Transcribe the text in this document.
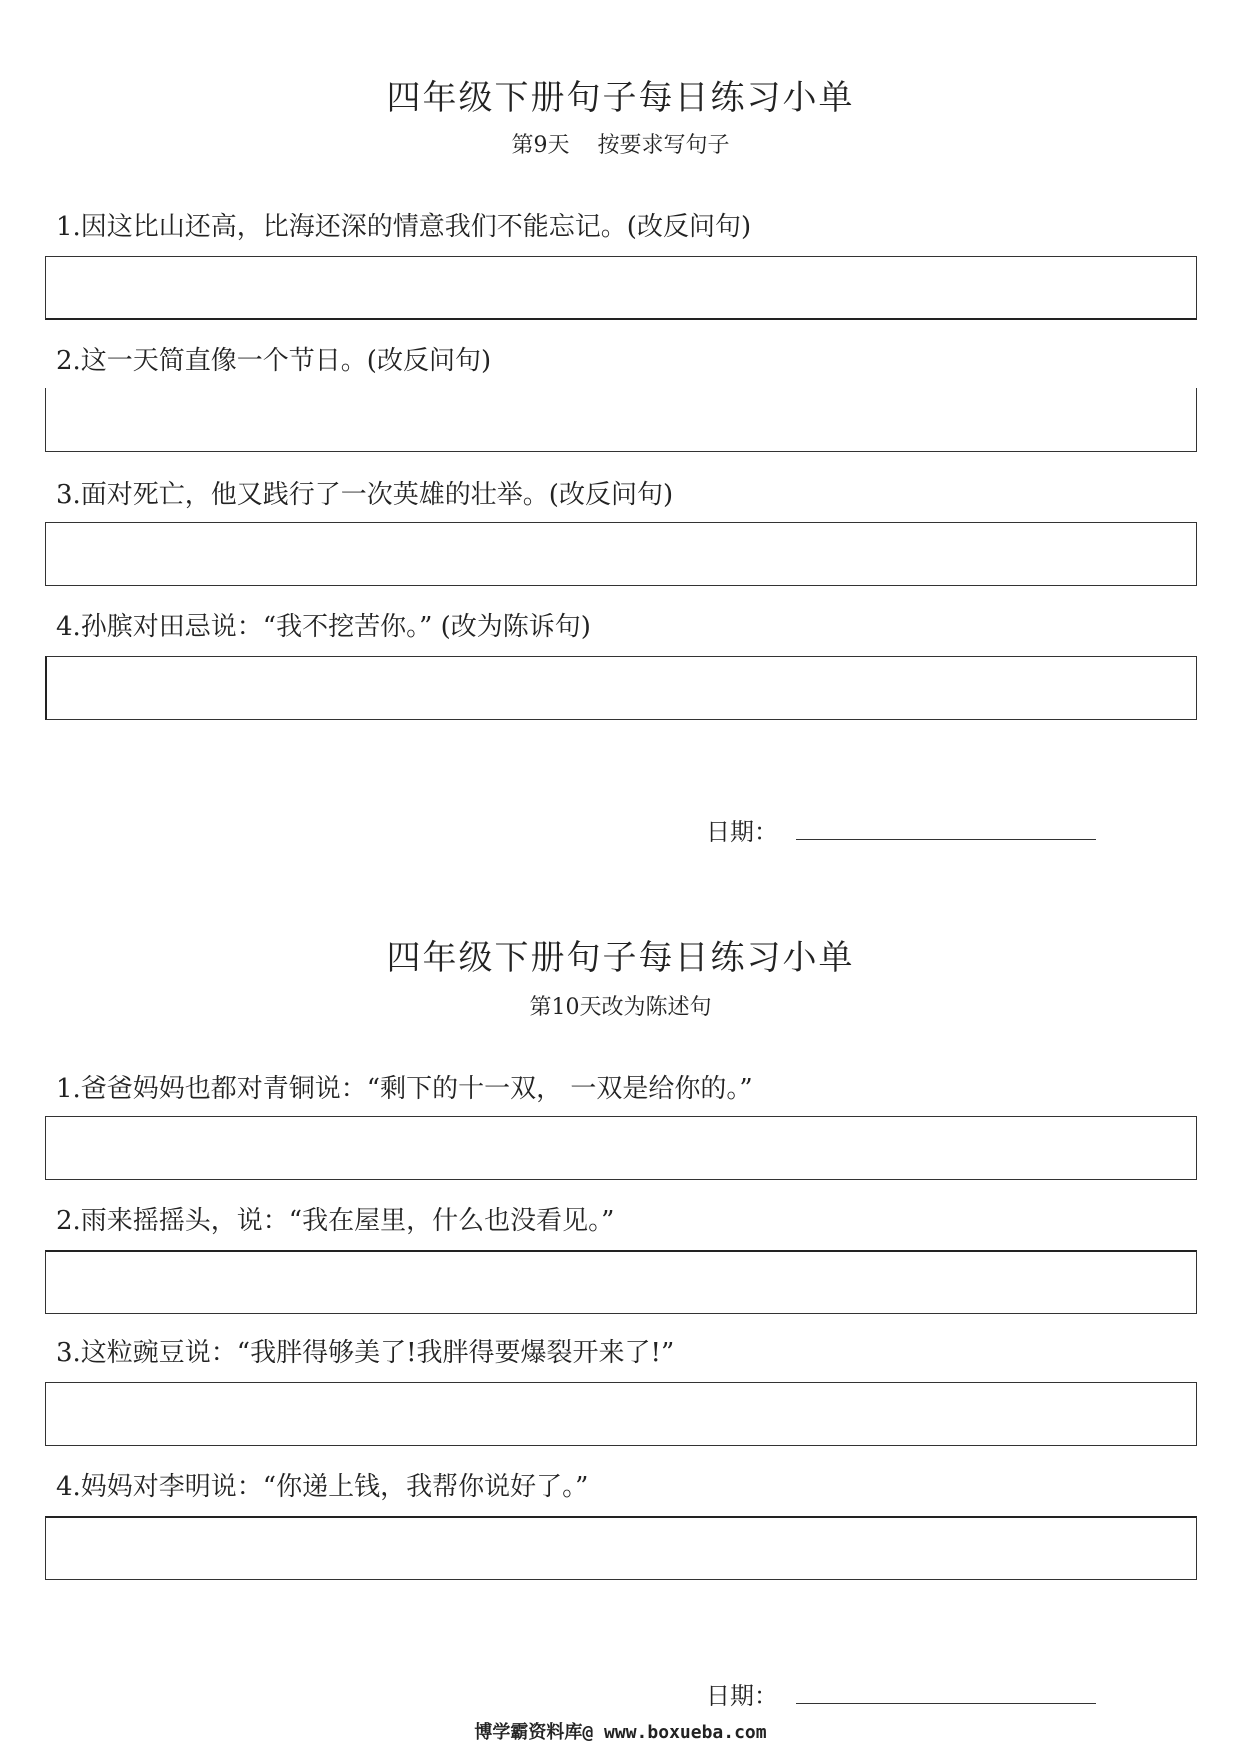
四年级下册句子每日练习小单
第9天 按要求写句子
1.因这比山还高，比海还深的情意我们不能忘记。(改反问句)
2.这一天简直像一个节日。(改反问句)
3.面对死亡，他又践行了一次英雄的壮举。(改反问句)
4.孙膑对田忌说：“我不挖苦你。” (改为陈诉句)
日期：
四年级下册句子每日练习小单
第10天改为陈述句
1.爸爸妈妈也都对青铜说：“剩下的十一双， 一双是给你的。”
2.雨来摇摇头，说：“我在屋里，什么也没看见。”
3.这粒豌豆说：“我胖得够美了!我胖得要爆裂开来了!”
4.妈妈对李明说：“你递上钱，我帮你说好了。”
日期：
博学霸资料库@ www.boxueba.com
